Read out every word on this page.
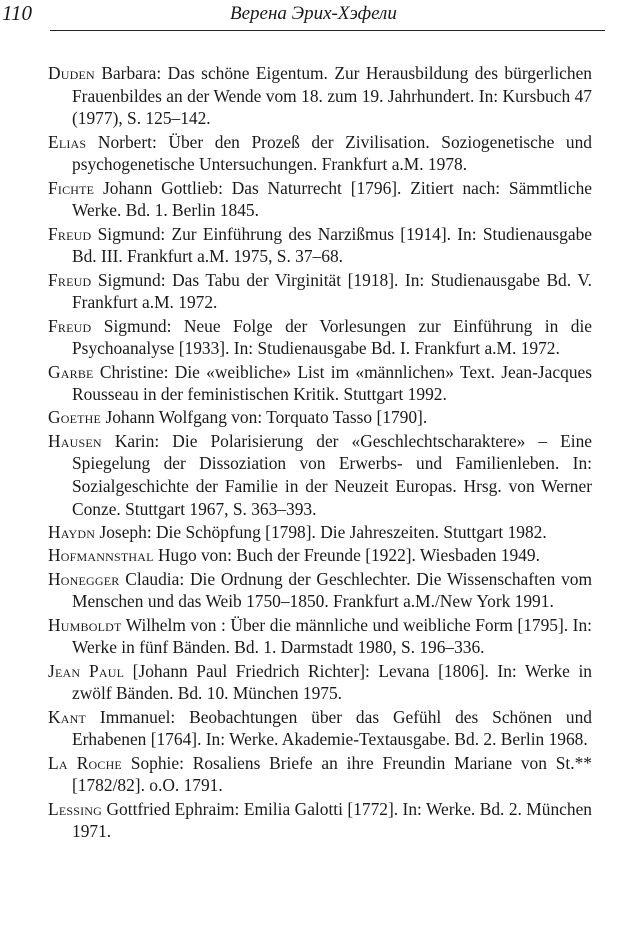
110	Верена Эрих-Хэфели

Duden Barbara: Das schöne Eigentum. Zur Herausbildung des bürgerlichen Frauenbildes an der Wende vom 18. zum 19. Jahrhundert. In: Kursbuch 47 (1977), S. 125–142.

Elias Norbert: Über den Prozeß der Zivilisation. Soziogenetische und psychogenetische Untersuchungen. Frankfurt a.M. 1978.

Fichte Johann Gottlieb: Das Naturrecht [1796]. Zitiert nach: Sämmtliche Werke. Bd. 1. Berlin 1845.

Freud Sigmund: Zur Einführung des Narzißmus [1914]. In: Studienausgabe Bd. III. Frankfurt a.M. 1975, S. 37–68.

Freud Sigmund: Das Tabu der Virginität [1918]. In: Studienausgabe Bd. V. Frankfurt a.M. 1972.

Freud Sigmund: Neue Folge der Vorlesungen zur Einführung in die Psychoanalyse [1933]. In: Studienausgabe Bd. I. Frankfurt a.M. 1972.

Garbe Christine: Die «weibliche» List im «männlichen» Text. Jean-Jacques Rousseau in der feministischen Kritik. Stuttgart 1992.

Goethe Johann Wolfgang von: Torquato Tasso [1790].

Hausen Karin: Die Polarisierung der «Geschlechtscharaktere» – Eine Spiegelung der Dissoziation von Erwerbs- und Familienleben. In: Sozialgeschichte der Familie in der Neuzeit Europas. Hrsg. von Werner Conze. Stuttgart 1967, S. 363–393.

Haydn Joseph: Die Schöpfung [1798]. Die Jahreszeiten. Stuttgart 1982.

Hofmannsthal Hugo von: Buch der Freunde [1922]. Wiesbaden 1949.

Honegger Claudia: Die Ordnung der Geschlechter. Die Wissenschaften vom Menschen und das Weib 1750–1850. Frankfurt a.M./New York 1991.

Humboldt Wilhelm von : Über die männliche und weibliche Form [1795]. In: Werke in fünf Bänden. Bd. 1. Darmstadt 1980, S. 196–336.

Jean Paul [Johann Paul Friedrich Richter]: Levana [1806]. In: Werke in zwölf Bänden. Bd. 10. München 1975.

Kant Immanuel: Beobachtungen über das Gefühl des Schönen und Erhabenen [1764]. In: Werke. Akademie-Textausgabe. Bd. 2. Berlin 1968.

La Roche Sophie: Rosaliens Briefe an ihre Freundin Mariane von St.** [1782/82]. o.O. 1791.

Lessing Gottfried Ephraim: Emilia Galotti [1772]. In: Werke. Bd. 2. München 1971.
